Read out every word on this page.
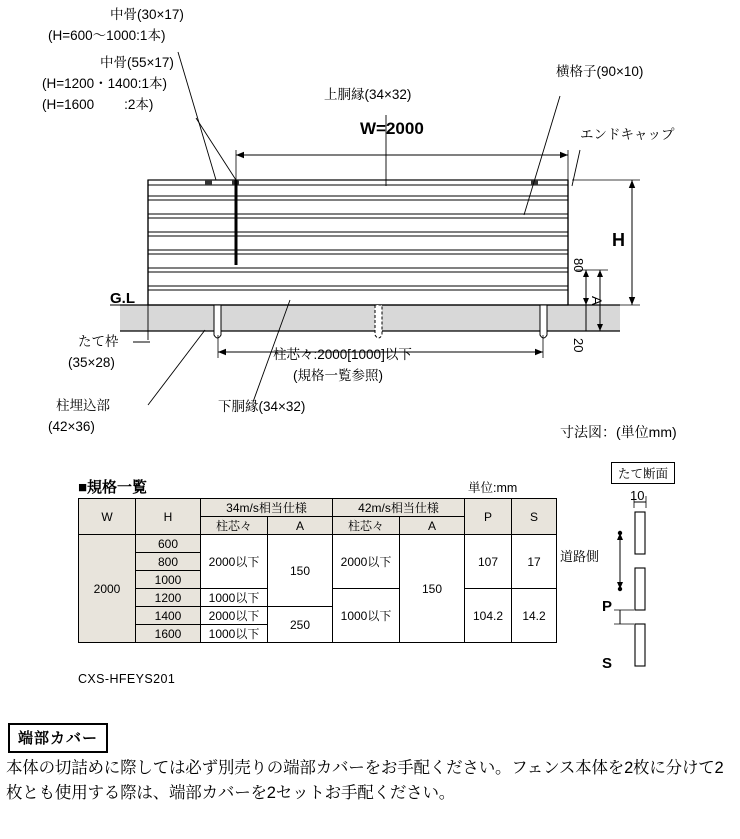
中骨(30×17)
(H=600〜1000:1本)
中骨(55×17)
(H=1200・1400:1本)
(H=1600        :2本)
上胴縁(34×32)
横格子(90×10)
エンドキャップ
たて枠
(35×28)
柱埋込部
(42×36)
下胴縁(34×32)
柱芯々:2000[1000]以下
(規格一覧参照)
W=2000
H
A
80
20
G.L
寸法図：(単位mm)
■規格一覧	単位:mm
W	H	34m/s相当仕様		42m/s相当仕様		P	S
		柱芯々	A	柱芯々	A		
2000	600	2000以下	150	2000以下	150	107	17
	800						
	1000						
	1200	1000以下		1000以下		104.2	14.2
	1400	2000以下	250				
	1600	1000以下					
CXS-HFEYS201
たて断面
10
道路側
P
S
端部カバー
本体の切詰めに際しては必ず別売りの端部カバーをお手配ください。フェンス本体を2枚に分けて2枚とも使用する際は、端部カバーを2セットお手配ください。
